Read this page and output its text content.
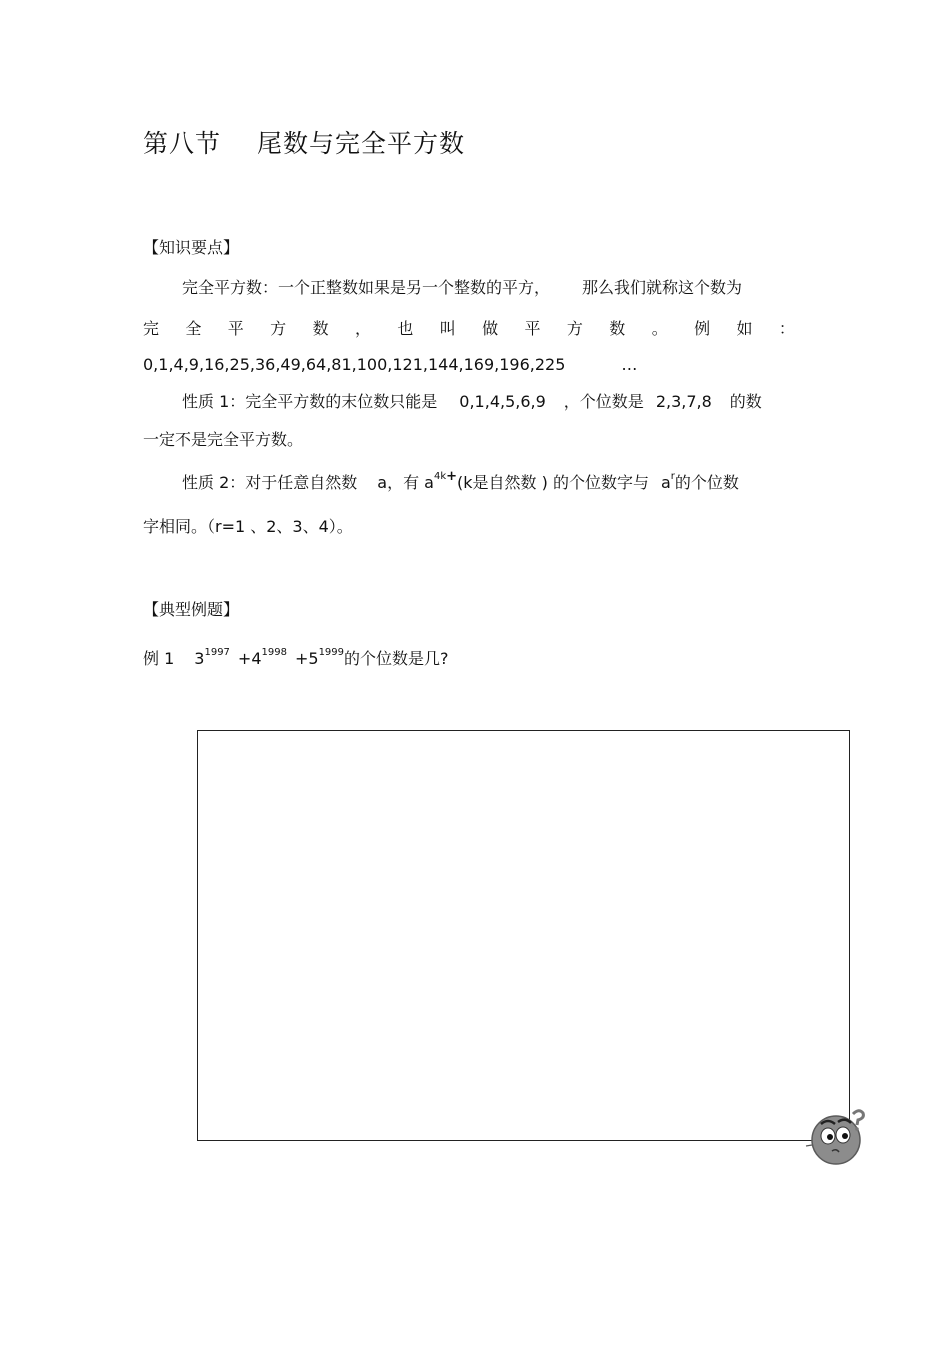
第八节 尾数与完全平方数
【知识要点】
完全平方数：一个正整数如果是另一个整数的平方， 那么我们就称这个数为
完 全 平 方 数 ， 也 叫 做 平 方 数 。 例 如 ：
0,1,4,9,16,25,36,49,64,81,100,121,144,169,196,225	…
性质 1：完全平方数的末位数只能是 0,1,4,5,6,9 ，个位数是 2,3,7,8 的数
一定不是完全平方数。
性质 2：对于任意自然数 a，有 $a^{4k+}(k$是自然数 ) 的个位数字与 $a^r$的个位数
字相同。（r=1 、2、3、4）。
【典型例题】
例 1 $3^{1997} +4^{1998} +5^{1999}$的个位数是几?
